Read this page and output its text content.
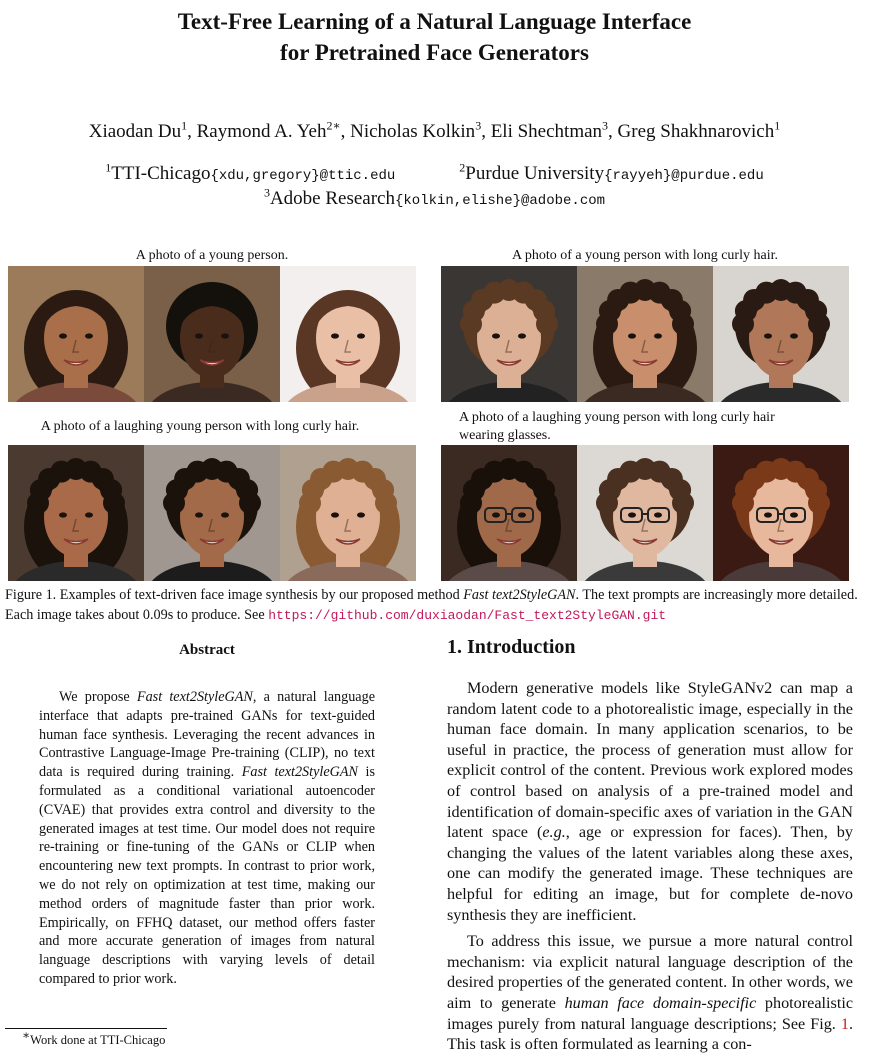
Text-Free Learning of a Natural Language Interface
for Pretrained Face Generators
Xiaodan Du$^1$, Raymond A. Yeh$^{2∗}$, Nicholas Kolkin$^3$, Eli Shechtman$^3$, Greg Shakhnarovich$^1$
$^1$TTI-Chicago{xdu,gregory}@ttic.edu$^2$Purdue University{rayyeh}@purdue.edu
$^3$Adobe Research{kolkin,elishe}@adobe.com
A photo of a young person.	A photo of a young person with long curly hair.
A photo of a laughing young person with long curly hair.
A photo of a laughing young person with long curly hair wearing glasses.
Figure 1. Examples of text-driven face image synthesis by our proposed method Fast text2StyleGAN. The text prompts are increasingly more detailed. Each image takes about 0.09s to produce. See https://github.com/duxiaodan/Fast_text2StyleGAN.git
Abstract

We propose Fast text2StyleGAN, a natural language interface that adapts pre-trained GANs for text-guided human face synthesis. Leveraging the recent advances in Contrastive Language-Image Pre-training (CLIP), no text data is required during training. Fast text2StyleGAN is formulated as a conditional variational autoencoder (CVAE) that provides extra control and diversity to the generated images at test time. Our model does not require re-training or fine-tuning of the GANs or CLIP when encountering new text prompts. In contrast to prior work, we do not rely on optimization at test time, making our method orders of magnitude faster than prior work. Empirically, on FFHQ dataset, our method offers faster and more accurate generation of images from natural language descriptions with varying levels of detail compared to prior work.

∗Work done at TTI-Chicago
1. Introduction

Modern generative models like StyleGANv2 can map a random latent code to a photorealistic image, especially in the human face domain. In many application scenarios, to be useful in practice, the process of generation must allow for explicit control of the content. Previous work explored modes of control based on analysis of a pre-trained model and identification of domain-specific axes of variation in the GAN latent space (e.g., age or expression for faces). Then, by changing the values of the latent variables along these axes, one can modify the generated image. These techniques are helpful for editing an image, but for complete de-novo synthesis they are inefficient.

To address this issue, we pursue a more natural control mechanism: via explicit natural language description of the desired properties of the generated content. In other words, we aim to generate human face domain-specific photorealistic images purely from natural language descriptions; See Fig. 1. This task is often formulated as learning a con-
